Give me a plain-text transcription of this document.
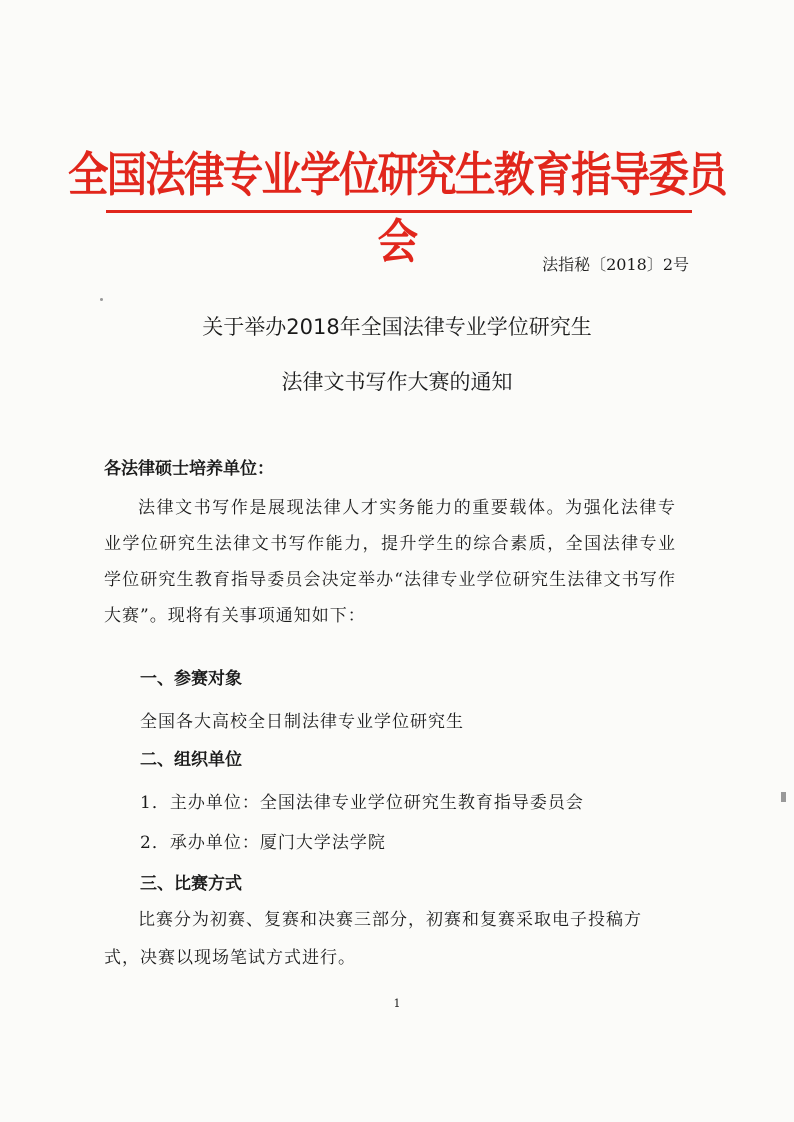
全国法律专业学位研究生教育指导委员会	法指秘〔2018〕2号
关于举办2018年全国法律专业学位研究生
法律文书写作大赛的通知
各法律硕士培养单位：
法律文书写作是展现法律人才实务能力的重要载体。为强化法律专业学位研究生法律文书写作能力，提升学生的综合素质，全国法律专业学位研究生教育指导委员会决定举办“法律专业学位研究生法律文书写作大赛”。现将有关事项通知如下：
一、参赛对象
全国各大高校全日制法律专业学位研究生
二、组织单位
1．主办单位：全国法律专业学位研究生教育指导委员会
2．承办单位：厦门大学法学院
三、比赛方式
比赛分为初赛、复赛和决赛三部分，初赛和复赛采取电子投稿方式，决赛以现场笔试方式进行。
1
